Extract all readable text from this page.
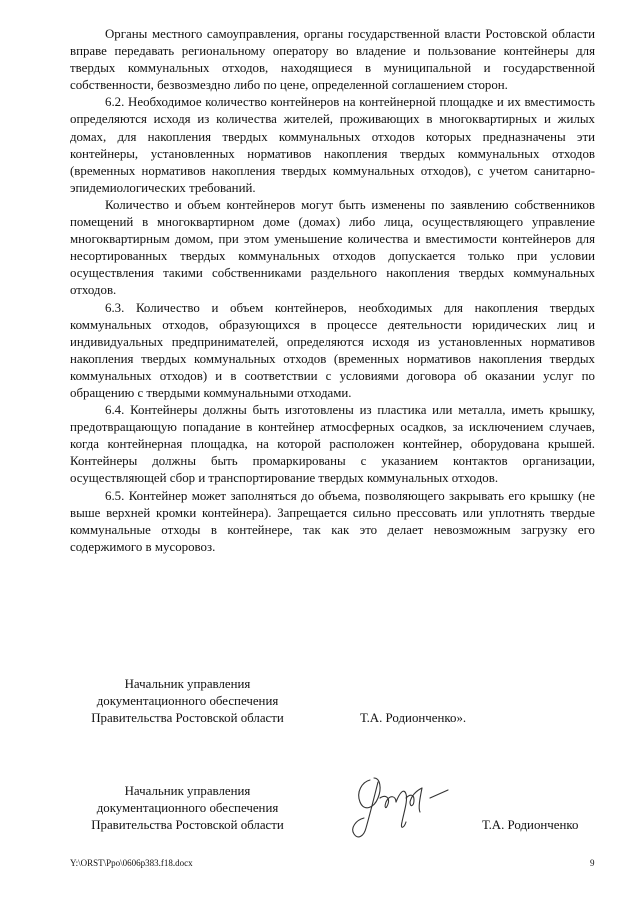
Органы местного самоуправления, органы государственной власти Ростовской области вправе передавать региональному оператору во владение и пользование контейнеры для твердых коммунальных отходов, находящиеся в муниципальной и государственной собственности, безвозмездно либо по цене, определенной соглашением сторон.

6.2. Необходимое количество контейнеров на контейнерной площадке и их вместимость определяются исходя из количества жителей, проживающих в многоквартирных и жилых домах, для накопления твердых коммунальных отходов которых предназначены эти контейнеры, установленных нормативов накопления твердых коммунальных отходов (временных нормативов накопления твердых коммунальных отходов), с учетом санитарно-эпидемиологических требований.

Количество и объем контейнеров могут быть изменены по заявлению собственников помещений в многоквартирном доме (домах) либо лица, осуществляющего управление многоквартирным домом, при этом уменьшение количества и вместимости контейнеров для несортированных твердых коммунальных отходов допускается только при условии осуществления такими собственниками раздельного накопления твердых коммунальных отходов.

6.3. Количество и объем контейнеров, необходимых для накопления твердых коммунальных отходов, образующихся в процессе деятельности юридических лиц и индивидуальных предпринимателей, определяются исходя из установленных нормативов накопления твердых коммунальных отходов (временных нормативов накопления твердых коммунальных отходов) и в соответствии с условиями договора об оказании услуг по обращению с твердыми коммунальными отходами.

6.4. Контейнеры должны быть изготовлены из пластика или металла, иметь крышку, предотвращающую попадание в контейнер атмосферных осадков, за исключением случаев, когда контейнерная площадка, на которой расположен контейнер, оборудована крышей. Контейнеры должны быть промаркированы с указанием контактов организации, осуществляющей сбор и транспортирование твердых коммунальных отходов.

6.5. Контейнер может заполняться до объема, позволяющего закрывать его крышку (не выше верхней кромки контейнера). Запрещается сильно прессовать или уплотнять твердые коммунальные отходы в контейнере, так как это делает невозможным загрузку его содержимого в мусоровоз.

Начальник управления
документационного обеспечения
Правительства Ростовской области	Т.А. Родионченко».
Начальник управления
документационного обеспечения
Правительства Ростовской области	Т.А. Родионченко
Y:\ORST\Ppo\0606p383.f18.docx	9
